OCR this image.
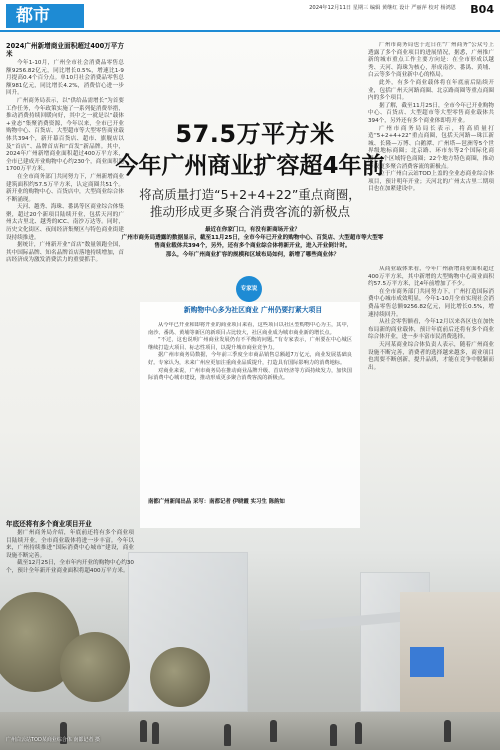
都市	2024年12月11日 星期三 编辑 黄继红 设计 严丽萍 校对 杨鸿恩 B04
2024广州新增商业面积超过400万平方米

今年1-10月，广州全市社会消费品零售总额9256.82亿元，同比增长0.5%，增速比1-9月提高0.4个百分点。单10月社会消费品零售总额981亿元，同比增长4.2%，消费信心进一步回升。

广州商务局表示，以“供给品需增长”为首要工作任务，今年政策实施了一系列促消费举措，推动消费持续回暖向好，其中之一就是以“载体+业态”集聚消费资源，今年以来，全市已开业购物中心、百货店、大型超市等大型零售商业载体共394个，新开幕百货店、超市、旗舰店以及“首店”、品牌首店和“首发”新品牌。其中，2024年广州新增商业面积超过400万平方米，全市已建成开业购物中心约230个，商业面积超1700万平方米。

在全市商务部门共同努力下，广州新增商业建筑面积约57.5万平方米，认定商圈共51个。新开业的购物中心、百货店中，大型商业综合体不断涌现。

天河、越秀、海珠、番禺等区商业综合体集聚，超过20个新项目陆续开业，包括天河的广州太古里北、越秀的ICC、南沙万达等。同时，历史文化街区、夜间经济集聚区与特色商业街建设持续推进。

据统计，广州新开业“首店”数量领跑全国，其中国际品牌、知名品牌首店落地持续增加，首店经济成为激发消费活力的重要抓手。

年底还将有多个商业项目开业

据广州商务局介绍，年底前还将有多个商业项目陆续开业，全市商业载体将进一步丰富。今年以来，广州持续推进“国际消费中心城市”建设，商业设施不断完善。

截至12月25日，全市年内开业的购物中心约30个，预计全年新开业商业面积将超400万平方米。

广州市商务局也于近日在“广州商务”公众号上透露了多个商业项目的进展情况，据悉，广州推广新的城市重点工作主要方向是：在全市形成以越秀、天河、海珠为核心，形成南沙、番禺、黄埔、白云等多个商业新中心的格局。

此外，有多个商业载体将在年底前后陆续开业，包括广州天河路商圈、北京路商圈等重点商圈内的多个项目。

据了解，截至11月25日，全市今年已开业购物中心、百货店、大型超市等大型零售商业载体共394个，另外还有多个商业体即将开业。

广州市商务局局长表示，将高质量打造“5+2+4+22”重点商圈，包括天河路—珠江新城、长隆—万博、白鹅潭、广州塔—琶洲等5个世界级地标商圈；北京路、环市东等2个国际化商圈；4个区域特色商圈；22个地方特色商圈，推动形成更多聚合消费客流的新极点。

位于广州白云站TOD上盖的全业态商业综合体项目，预计明年开业；天河北的广州太古里二期项目也在加紧建设中。

从商业载体来看，今年广州新增商业面积超过400万平方米，其中新增的大型购物中心商业面积约57.5万平方米，比4年前增加了不少。

在全市商务部门共同努力下，广州打造国际消费中心城市成效明显，今年1-10月全市实现社会消费品零售总额9256.82亿元，同比增长0.5%，增速持续回升。

从社会零售额看，今年12月以来各区也在加快布局新的商业载体，预计年底前后还将有多个商业综合体开业，进一步丰富市民消费选择。

天河某商业综合体负责人表示，随着广州商业设施不断完善，消费者的选择越来越多，商业项目也需要不断创新，提升品质，才能在竞争中脱颖而出。

57.5万平方米
今年广州商业扩容超4年前
将高质量打造“5+2+4+22”重点商圈，
推动形成更多聚合消费客流的新极点
最近在你家门口，有没有新商场开业？
广州市商务局透露的数据显示，截至11月25日，全市今年已开业的购物中心、百货店、大型超市等大型零售商业载体共394个，另外，还有多个商业综合体将新开业，进入开业倒计时。
那么，今年广州商业扩容的规模和区域布局如何，新增了哪些商业体？
专家说
新购物中心多为社区商业 广州仍要打紧大项目

从今年已开业和即将开业的商业项目来看，这些项目以社区型购物中心为主，其中，南沙、番禺、黄埔等新区的新项目占比较大，社区商业成为城市商业新的增长点。

“不过，这也说明广州商业发展仍有不平衡的问题。”有专家表示，广州要在中心城区继续打造大项目、标志性项目，以提升城市商业竞争力。

据广州市商务局数据，今年前三季度全市商品销售总额超7万亿元，商业发展基础良好。专家认为，未来广州应更加注重商业品质提升，打造具有国际影响力的消费地标。

对商业来说，广州市商务局在推动商业品牌升级、首店经济等方面持续发力，加快国际消费中心城市建设，推动形成更多聚合消费客流的新极点。

南都广州新闻出品 采写：南都记者 伊晓霞 实习生 陈韵如
广州白云站TOD某商业综合体 南都记者 摄
